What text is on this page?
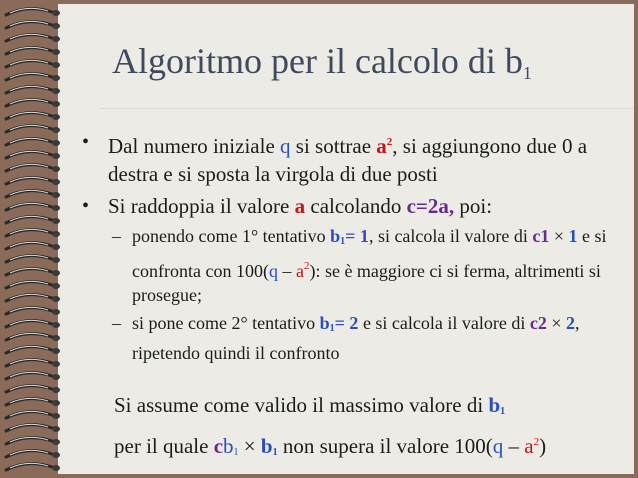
Algoritmo per il calcolo di $b_1$
• Dal numero iniziale q si sottrae $a^2$, si aggiungono due 0 a destra e si sposta la virgola di due posti
• Si raddoppia il valore a calcolando c=2a, poi:
– ponendo come 1° tentativo b1= 1, si calcola il valore di c1 × 1 e si confronta con $100(q - a^2)$: se è maggiore ci si ferma, altrimenti si prosegue;
– si pone come 2° tentativo b1= 2 e si calcola il valore di c2 × 2, ripetendo quindi il confronto
Si assume come valido il massimo valore di b1
per il quale cb1 × b1 non supera il valore $100(q - a^2)$
